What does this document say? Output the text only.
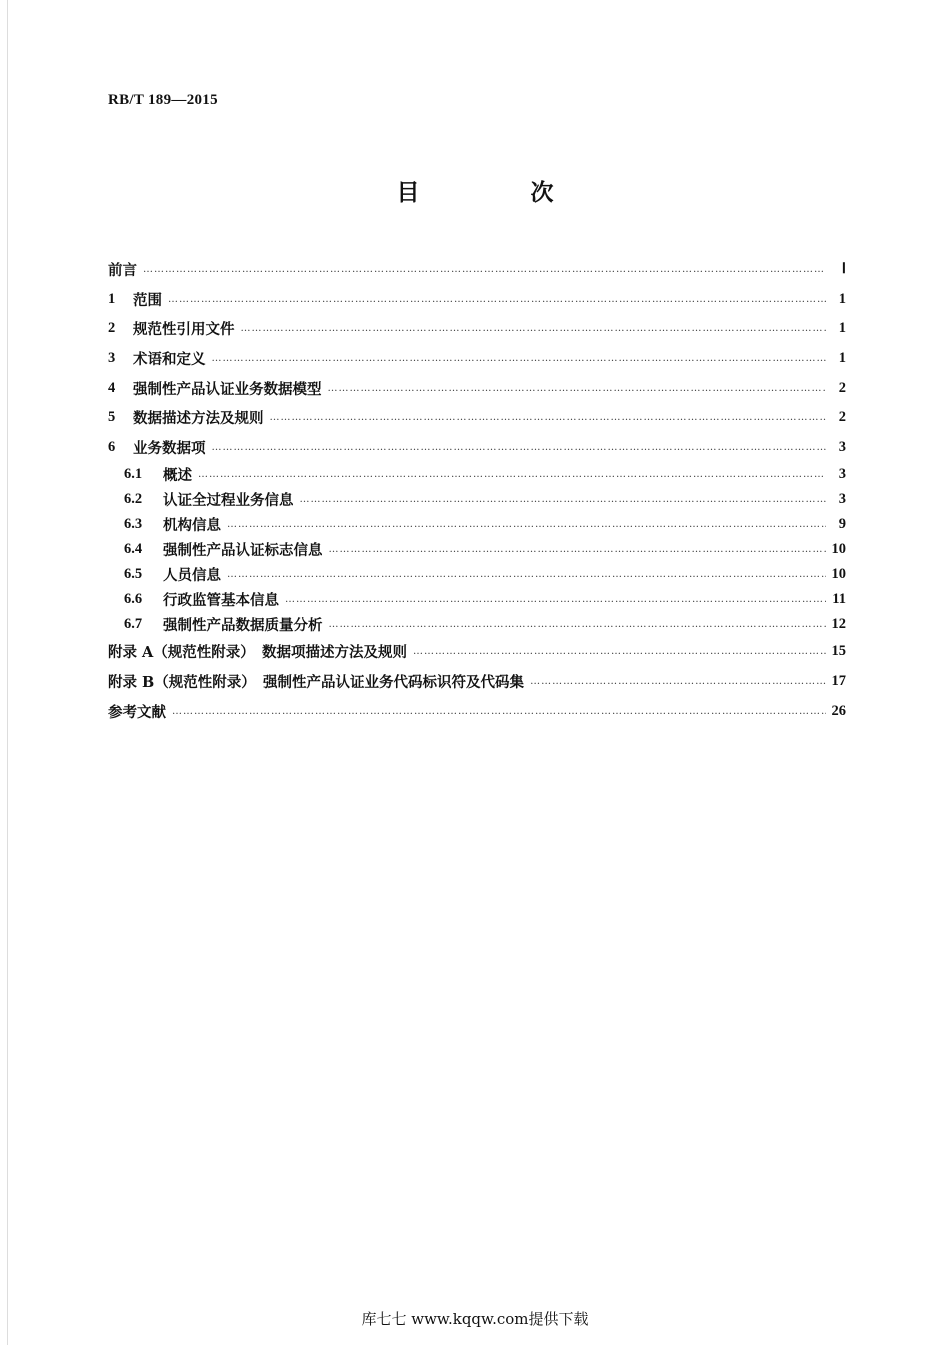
RB/T 189—2015
目　次
前言 ……………………………………………………………………………………………………………………………………………………………………………………………………………………………	Ⅰ
1	范围 ……………………………………………………………………………………………………………………………………………………………………………………………………………………………	1
2	规范性引用文件 ……………………………………………………………………………………………………………………………………………………………………………………………………………………………	1
3	术语和定义 ……………………………………………………………………………………………………………………………………………………………………………………………………………………………	1
4	强制性产品认证业务数据模型 ……………………………………………………………………………………………………………………………………………………………………………………………………………………………	2
5	数据描述方法及规则 ……………………………………………………………………………………………………………………………………………………………………………………………………………………………	2
6	业务数据项 ……………………………………………………………………………………………………………………………………………………………………………………………………………………………	3
6.1	概述 ……………………………………………………………………………………………………………………………………………………………………………………………………………………………	3
6.2	认证全过程业务信息 ……………………………………………………………………………………………………………………………………………………………………………………………………………………………	3
6.3	机构信息 ……………………………………………………………………………………………………………………………………………………………………………………………………………………………	9
6.4	强制性产品认证标志信息 ……………………………………………………………………………………………………………………………………………………………………………………………………………………………	10
6.5	人员信息 ……………………………………………………………………………………………………………………………………………………………………………………………………………………………	10
6.6	行政监管基本信息 ……………………………………………………………………………………………………………………………………………………………………………………………………………………………	11
6.7	强制性产品数据质量分析 ……………………………………………………………………………………………………………………………………………………………………………………………………………………………	12
附录 A（规范性附录）　数据项描述方法及规则 ……………………………………………………………………………………………………………………………………………………………………………………………………………………………	15
附录 B（规范性附录）　强制性产品认证业务代码标识符及代码集 ……………………………………………………………………………………………………………………………………………………………………………………………………………………………	17
参考文献 ……………………………………………………………………………………………………………………………………………………………………………………………………………………………	26
库七七 www.kqqw.com提供下载
